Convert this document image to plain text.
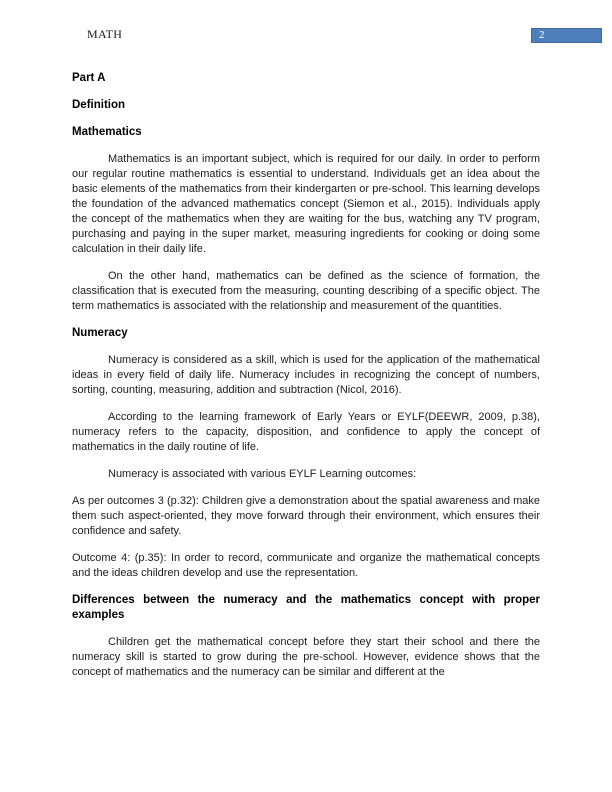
MATH	2
Part A
Definition
Mathematics

Mathematics is an important subject, which is required for our daily. In order to perform our regular routine mathematics is essential to understand. Individuals get an idea about the basic elements of the mathematics from their kindergarten or pre-school. This learning develops the foundation of the advanced mathematics concept (Siemon et al., 2015). Individuals apply the concept of the mathematics when they are waiting for the bus, watching any TV program, purchasing and paying in the super market, measuring ingredients for cooking or doing some calculation in their daily life.

On the other hand, mathematics can be defined as the science of formation, the classification that is executed from the measuring, counting describing of a specific object. The term mathematics is associated with the relationship and measurement of the quantities.

Numeracy

Numeracy is considered as a skill, which is used for the application of the mathematical ideas in every field of daily life. Numeracy includes in recognizing the concept of numbers, sorting, counting, measuring, addition and subtraction (Nicol, 2016).

According to the learning framework of Early Years or EYLF(DEEWR, 2009, p.38), numeracy refers to the capacity, disposition, and confidence to apply the concept of mathematics in the daily routine of life.

Numeracy is associated with various EYLF Learning outcomes:

As per outcomes 3 (p.32): Children give a demonstration about the spatial awareness and make them such aspect-oriented, they move forward through their environment, which ensures their confidence and safety.

Outcome 4: (p.35): In order to record, communicate and organize the mathematical concepts and the ideas children develop and use the representation.

Differences between the numeracy and the mathematics concept with proper examples

Children get the mathematical concept before they start their school and there the numeracy skill is started to grow during the pre-school. However, evidence shows that the concept of mathematics and the numeracy can be similar and different at the
